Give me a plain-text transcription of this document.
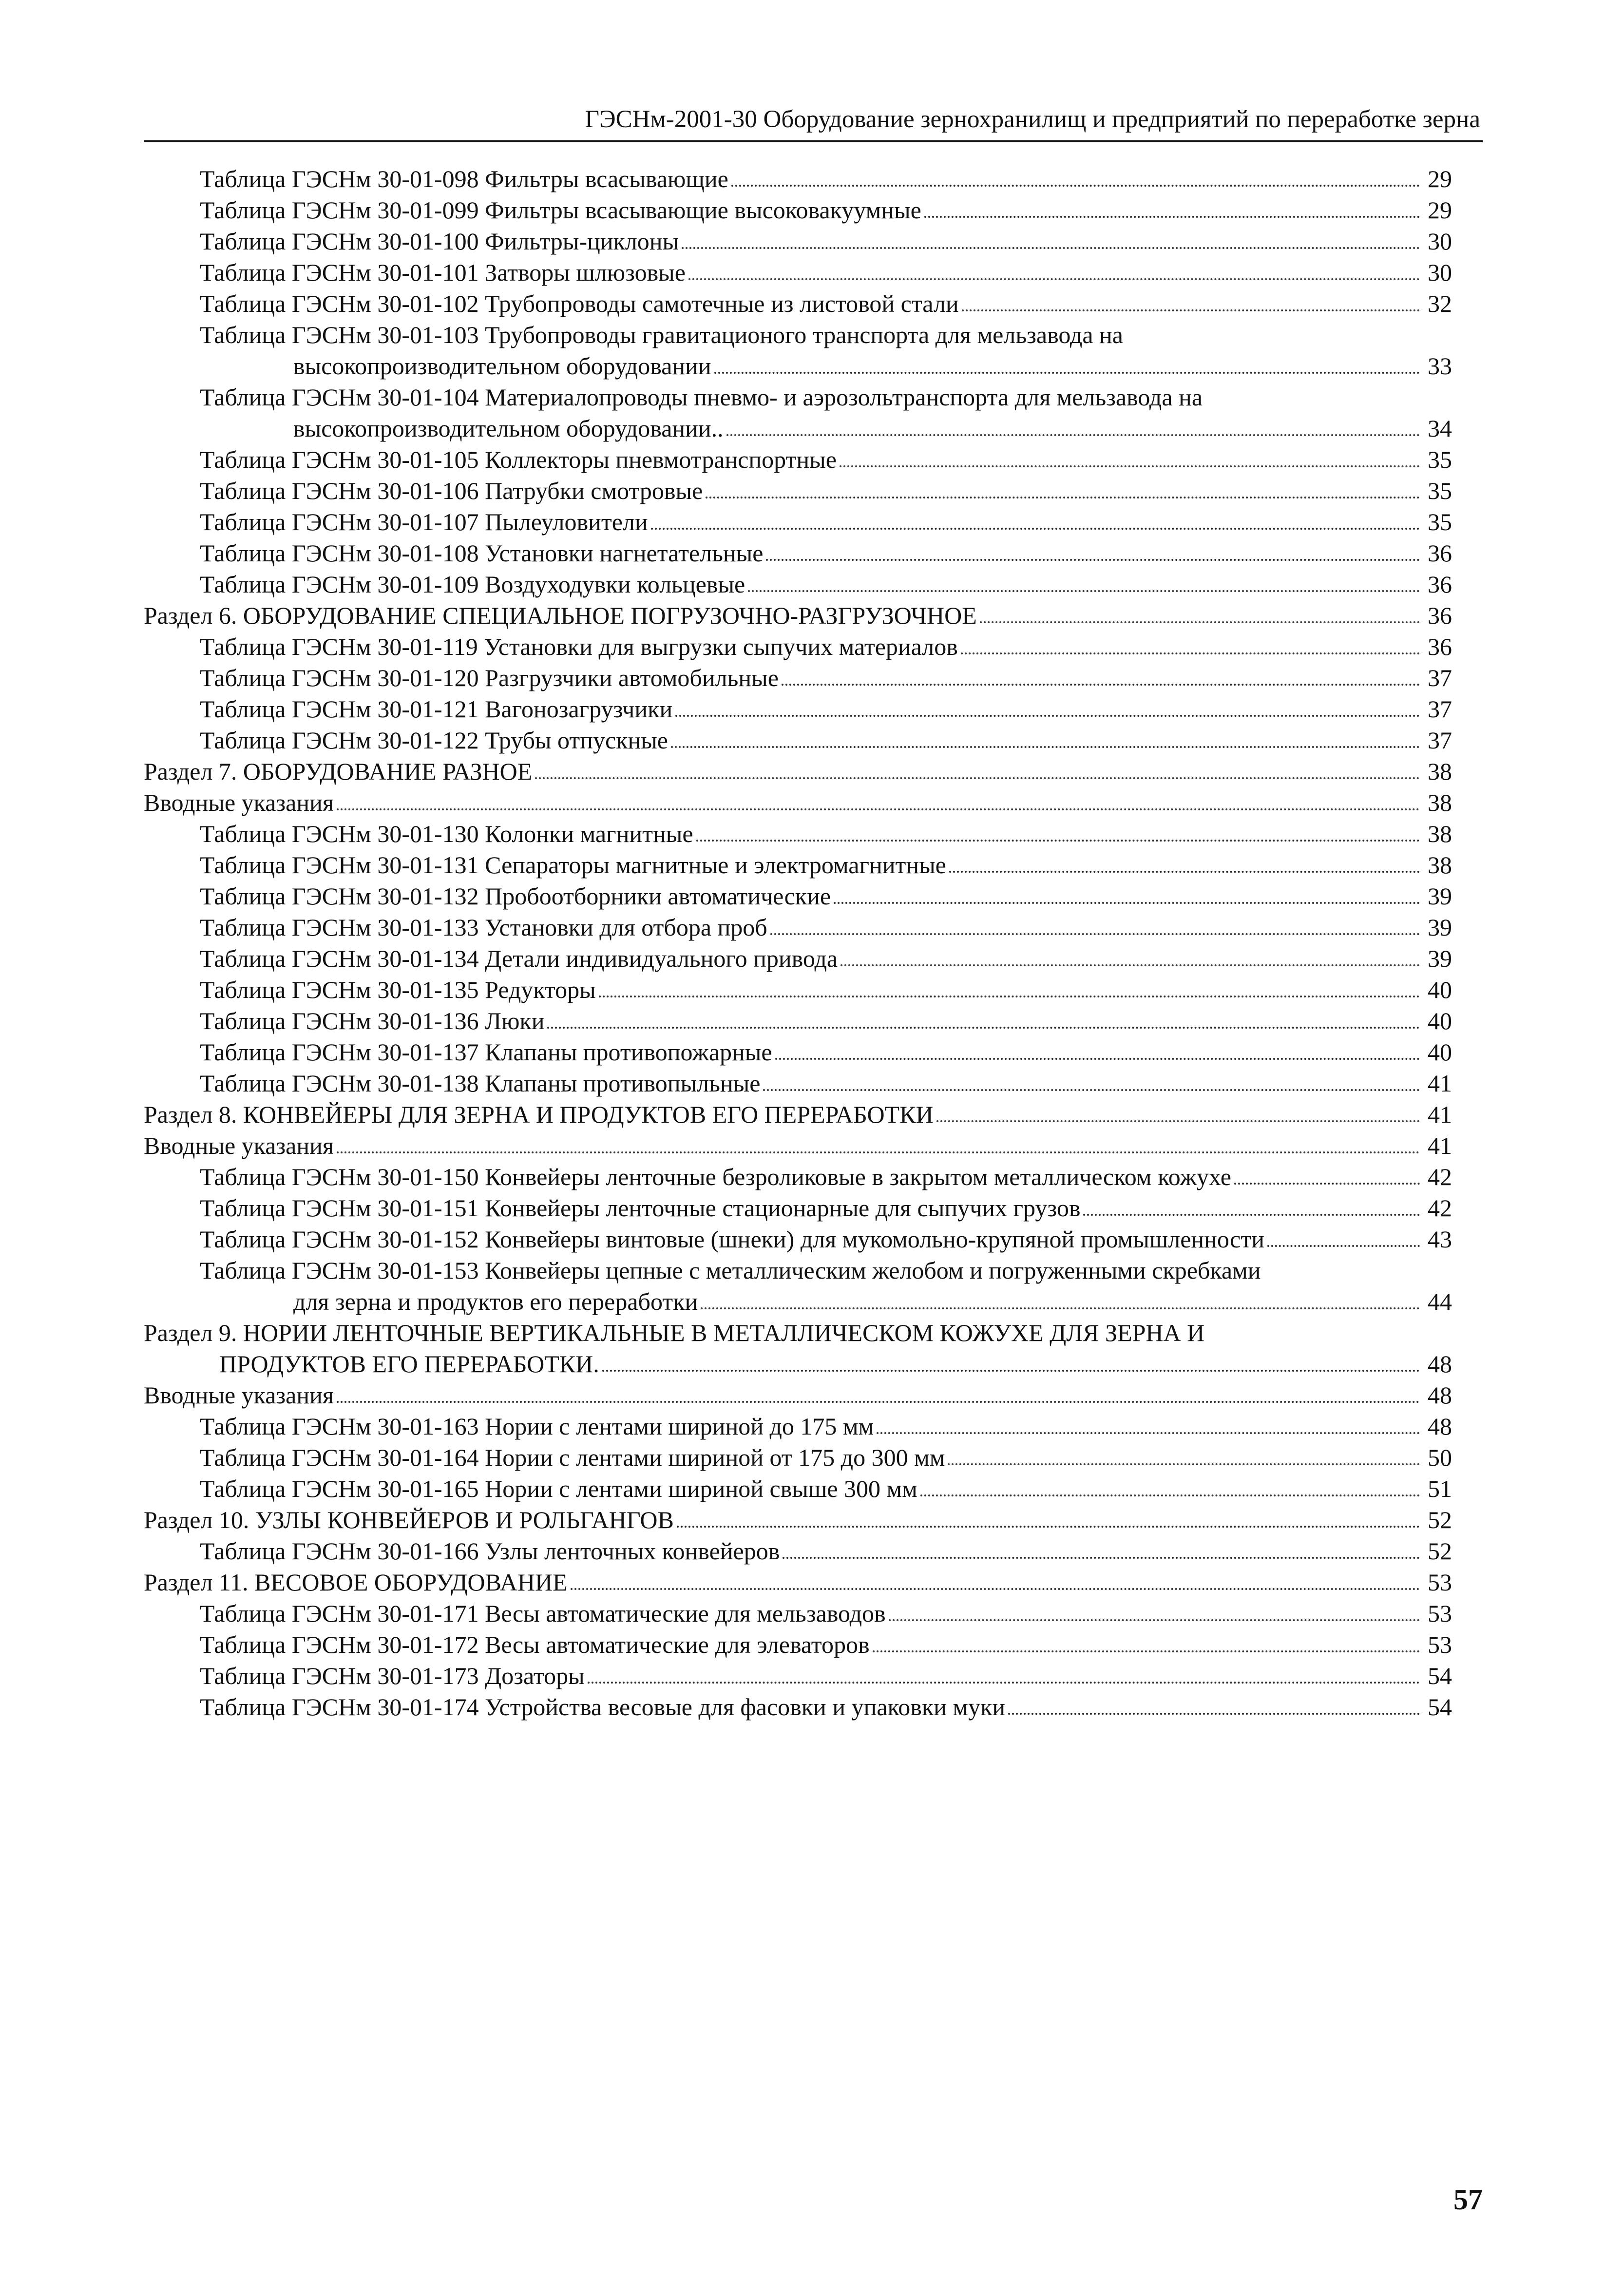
ГЭСНм-2001-30 Оборудование зернохранилищ и предприятий по переработке зерна
Таблица ГЭСНм 30-01-098 Фильтры всасывающие	29
Таблица ГЭСНм 30-01-099 Фильтры всасывающие высоковакуумные	29
Таблица ГЭСНм 30-01-100 Фильтры-циклоны	30
Таблица ГЭСНм 30-01-101 Затворы шлюзовые	30
Таблица ГЭСНм 30-01-102 Трубопроводы самотечные из листовой стали	32
Таблица ГЭСНм 30-01-103 Трубопроводы гравитационого транспорта для мельзавода на
высокопроизводительном оборудовании	33
Таблица ГЭСНм 30-01-104 Материалопроводы пневмо- и аэрозольтранспорта для мельзавода на
высокопроизводительном оборудовании..	34
Таблица ГЭСНм 30-01-105 Коллекторы пневмотранспортные	35
Таблица ГЭСНм 30-01-106 Патрубки смотровые	35
Таблица ГЭСНм 30-01-107 Пылеуловители	35
Таблица ГЭСНм 30-01-108 Установки нагнетательные	36
Таблица ГЭСНм 30-01-109 Воздуходувки кольцевые	36
Раздел 6. ОБОРУДОВАНИЕ СПЕЦИАЛЬНОЕ ПОГРУЗОЧНО-РАЗГРУЗОЧНОЕ	36
Таблица ГЭСНм 30-01-119 Установки для выгрузки сыпучих материалов	36
Таблица ГЭСНм 30-01-120 Разгрузчики автомобильные	37
Таблица ГЭСНм 30-01-121 Вагонозагрузчики	37
Таблица ГЭСНм 30-01-122 Трубы отпускные	37
Раздел 7. ОБОРУДОВАНИЕ РАЗНОЕ	38
Вводные указания	38
Таблица ГЭСНм 30-01-130 Колонки магнитные	38
Таблица ГЭСНм 30-01-131 Сепараторы магнитные и электромагнитные	38
Таблица ГЭСНм 30-01-132 Пробоотборники автоматические	39
Таблица ГЭСНм 30-01-133 Установки для отбора проб	39
Таблица ГЭСНм 30-01-134 Детали индивидуального привода	39
Таблица ГЭСНм 30-01-135 Редукторы	40
Таблица ГЭСНм 30-01-136 Люки	40
Таблица ГЭСНм 30-01-137 Клапаны противопожарные	40
Таблица ГЭСНм 30-01-138 Клапаны противопыльные	41
Раздел 8. КОНВЕЙЕРЫ ДЛЯ ЗЕРНА И ПРОДУКТОВ ЕГО ПЕРЕРАБОТКИ	41
Вводные указания	41
Таблица ГЭСНм 30-01-150 Конвейеры ленточные безроликовые в закрытом металлическом кожухе	42
Таблица ГЭСНм 30-01-151 Конвейеры ленточные стационарные для сыпучих грузов	42
Таблица ГЭСНм 30-01-152 Конвейеры винтовые (шнеки) для мукомольно-крупяной промышленности	43
Таблица ГЭСНм 30-01-153 Конвейеры цепные с металлическим желобом и погруженными скребками
для зерна и продуктов его переработки	44
Раздел 9. НОРИИ ЛЕНТОЧНЫЕ ВЕРТИКАЛЬНЫЕ В МЕТАЛЛИЧЕСКОМ КОЖУХЕ ДЛЯ ЗЕРНА И
ПРОДУКТОВ ЕГО ПЕРЕРАБОТКИ.	48
Вводные указания	48
Таблица ГЭСНм 30-01-163 Нории с лентами шириной до 175 мм	48
Таблица ГЭСНм 30-01-164 Нории с лентами шириной от 175 до 300 мм	50
Таблица ГЭСНм 30-01-165 Нории с лентами шириной свыше 300 мм	51
Раздел 10. УЗЛЫ КОНВЕЙЕРОВ И РОЛЬГАНГОВ	52
Таблица ГЭСНм 30-01-166 Узлы ленточных конвейеров	52
Раздел 11. ВЕСОВОЕ ОБОРУДОВАНИЕ	53
Таблица ГЭСНм 30-01-171 Весы автоматические для мельзаводов	53
Таблица ГЭСНм 30-01-172 Весы автоматические для элеваторов	53
Таблица ГЭСНм 30-01-173 Дозаторы	54
Таблица ГЭСНм 30-01-174 Устройства весовые для фасовки и упаковки муки	54
57
